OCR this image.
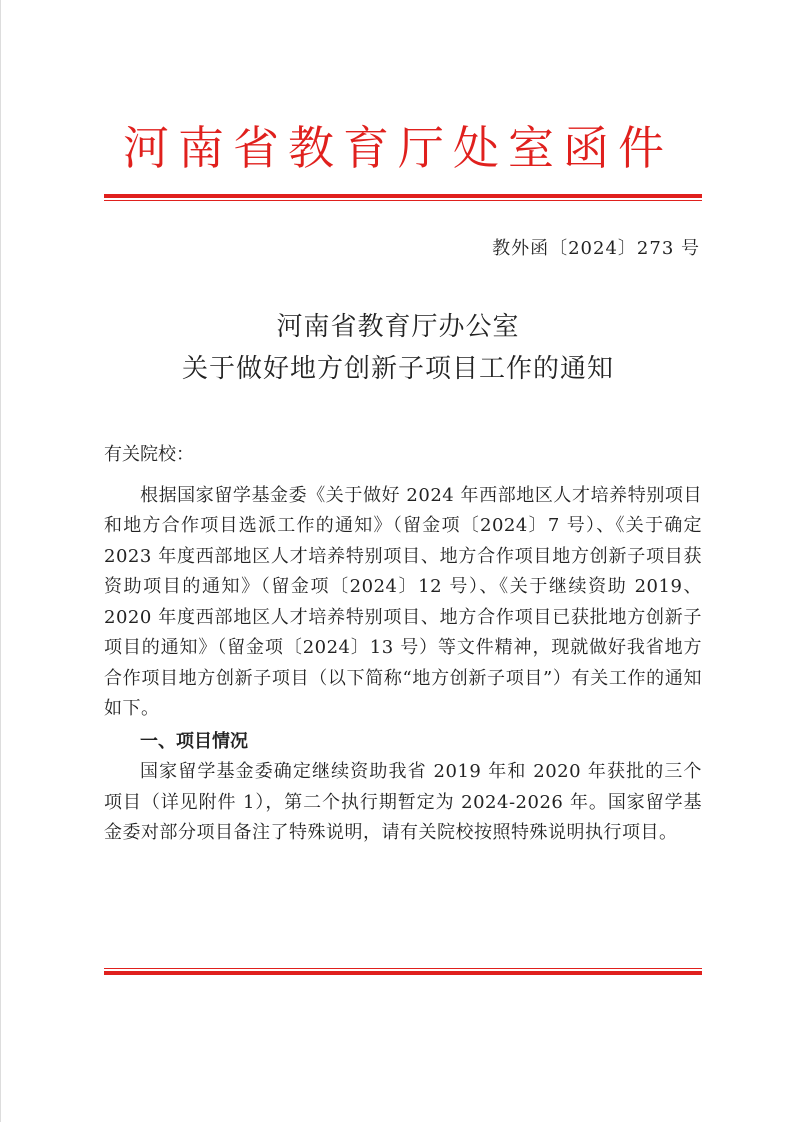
河南省教育厅处室函件
教外函〔2024〕273 号
河南省教育厅办公室
关于做好地方创新子项目工作的通知

有关院校：

根据国家留学基金委《关于做好 2024 年西部地区人才培养特别项目和地方合作项目选派工作的通知》（留金项〔2024〕7 号）、《关于确定 2023 年度西部地区人才培养特别项目、地方合作项目地方创新子项目获资助项目的通知》（留金项〔2024〕12 号）、《关于继续资助 2019、2020 年度西部地区人才培养特别项目、地方合作项目已获批地方创新子项目的通知》（留金项〔2024〕13 号）等文件精神，现就做好我省地方合作项目地方创新子项目（以下简称“地方创新子项目”）有关工作的通知如下。

一、项目情况

国家留学基金委确定继续资助我省 2019 年和 2020 年获批的三个项目（详见附件 1），第二个执行期暂定为 2024-2026 年。国家留学基金委对部分项目备注了特殊说明，请有关院校按照特殊说明执行项目。
